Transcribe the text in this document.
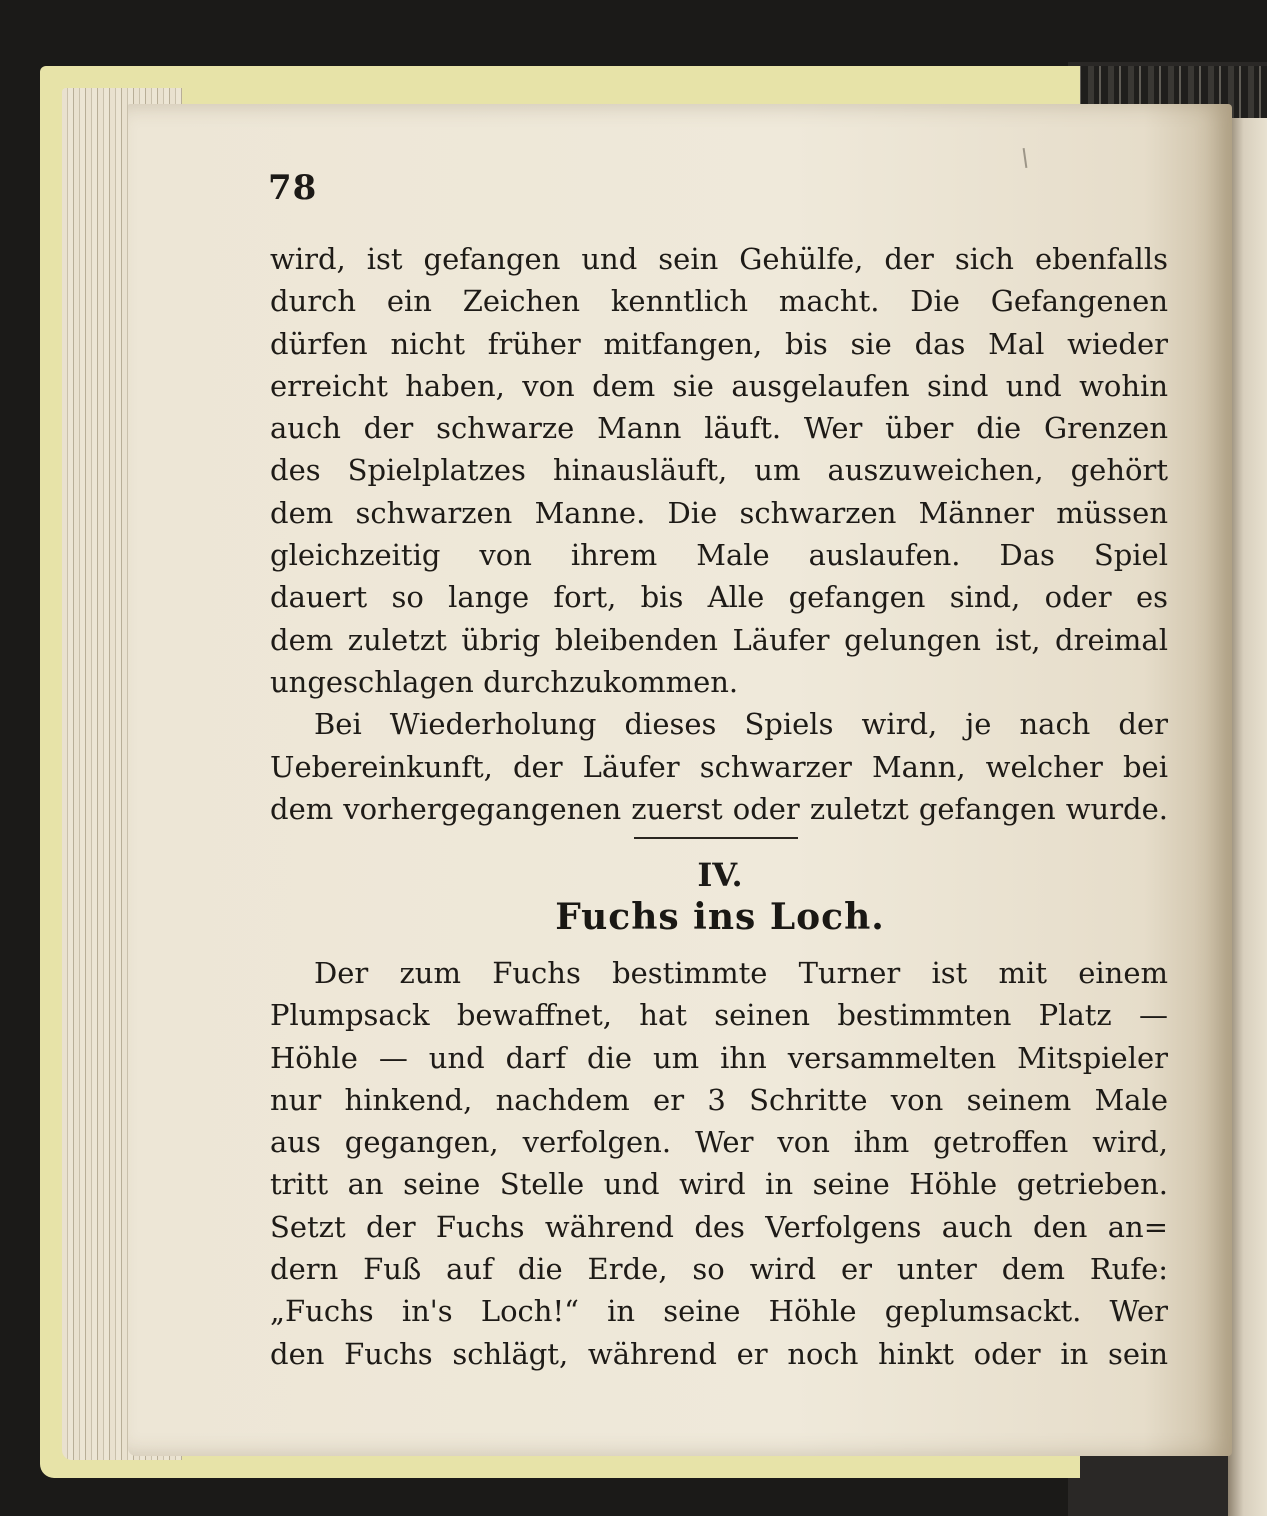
78
wird, ist gefangen und sein Gehülfe, der sich ebenfalls
durch ein Zeichen kenntlich macht. Die Gefangenen
dürfen nicht früher mitfangen, bis sie das Mal wieder
erreicht haben, von dem sie ausgelaufen sind und wohin
auch der schwarze Mann läuft. Wer über die Grenzen
des Spielplatzes hinausläuft, um auszuweichen, gehört
dem schwarzen Manne. Die schwarzen Männer müssen
gleichzeitig von ihrem Male auslaufen. Das Spiel
dauert so lange fort, bis Alle gefangen sind, oder es
dem zuletzt übrig bleibenden Läufer gelungen ist, dreimal
ungeschlagen durchzukommen.
Bei Wiederholung dieses Spiels wird, je nach der
Uebereinkunft, der Läufer schwarzer Mann, welcher bei
dem vorhergegangenen zuerst oder zuletzt gefangen wurde.
IV.
Fuchs ins Loch.
Der zum Fuchs bestimmte Turner ist mit einem
Plumpsack bewaffnet, hat seinen bestimmten Platz —
Höhle — und darf die um ihn versammelten Mitspieler
nur hinkend, nachdem er 3 Schritte von seinem Male
aus gegangen, verfolgen. Wer von ihm getroffen wird,
tritt an seine Stelle und wird in seine Höhle getrieben.
Setzt der Fuchs während des Verfolgens auch den an=
dern Fuß auf die Erde, so wird er unter dem Rufe:
„Fuchs in's Loch!“ in seine Höhle geplumsackt. Wer
den Fuchs schlägt, während er noch hinkt oder in sein
